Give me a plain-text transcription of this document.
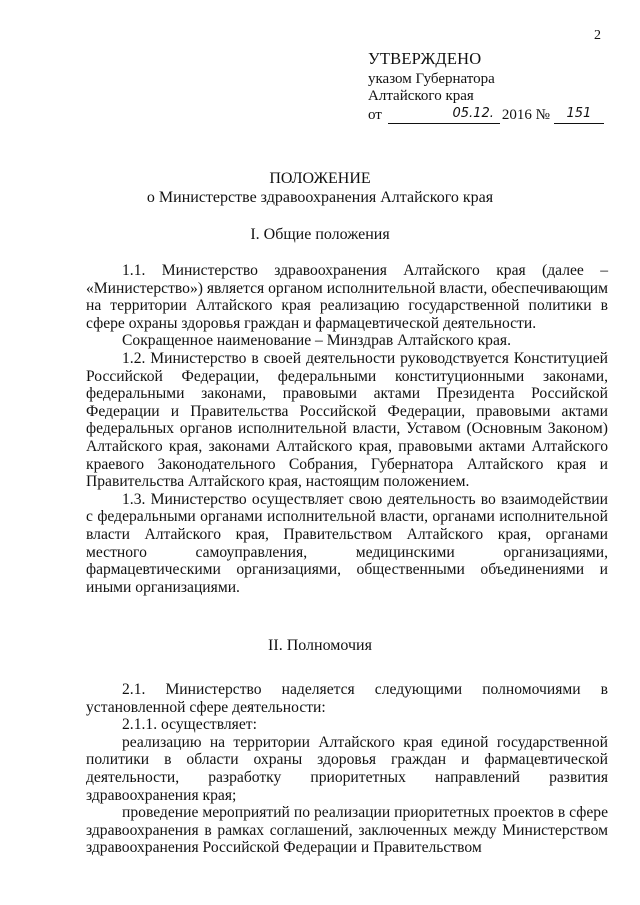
2
УТВЕРЖДЕНО
указом Губернатора
Алтайского края
от	05.12. 2016 №	151
ПОЛОЖЕНИЕ
о Министерстве здравоохранения Алтайского края
I. Общие положения

1.1. Министерство здравоохранения Алтайского края (далее – «Министерство») является органом исполнительной власти, обеспечивающим на территории Алтайского края реализацию государственной политики в сфере охраны здоровья граждан и фармацевтической деятельности.

Сокращенное наименование – Минздрав Алтайского края.

1.2. Министерство в своей деятельности руководствуется Конституцией Российской Федерации, федеральными конституционными законами, федеральными законами, правовыми актами Президента Российской Федерации и Правительства Российской Федерации, правовыми актами федеральных органов исполнительной власти, Уставом (Основным Законом) Алтайского края, законами Алтайского края, правовыми актами Алтайского краевого Законодательного Собрания, Губернатора Алтайского края и Правительства Алтайского края, настоящим положением.

1.3. Министерство осуществляет свою деятельность во взаимодействии с федеральными органами исполнительной власти, органами исполнительной власти Алтайского края, Правительством Алтайского края, органами местного самоуправления, медицинскими организациями, фармацевтическими организациями, общественными объединениями и иными организациями.

II. Полномочия

2.1. Министерство наделяется следующими полномочиями в установленной сфере деятельности:

2.1.1. осуществляет:

реализацию на территории Алтайского края единой государственной политики в области охраны здоровья граждан и фармацевтической деятельности, разработку приоритетных направлений развития здравоохранения края;

проведение мероприятий по реализации приоритетных проектов в сфере здравоохранения в рамках соглашений, заключенных между Министерством здравоохранения Российской Федерации и Правительством
